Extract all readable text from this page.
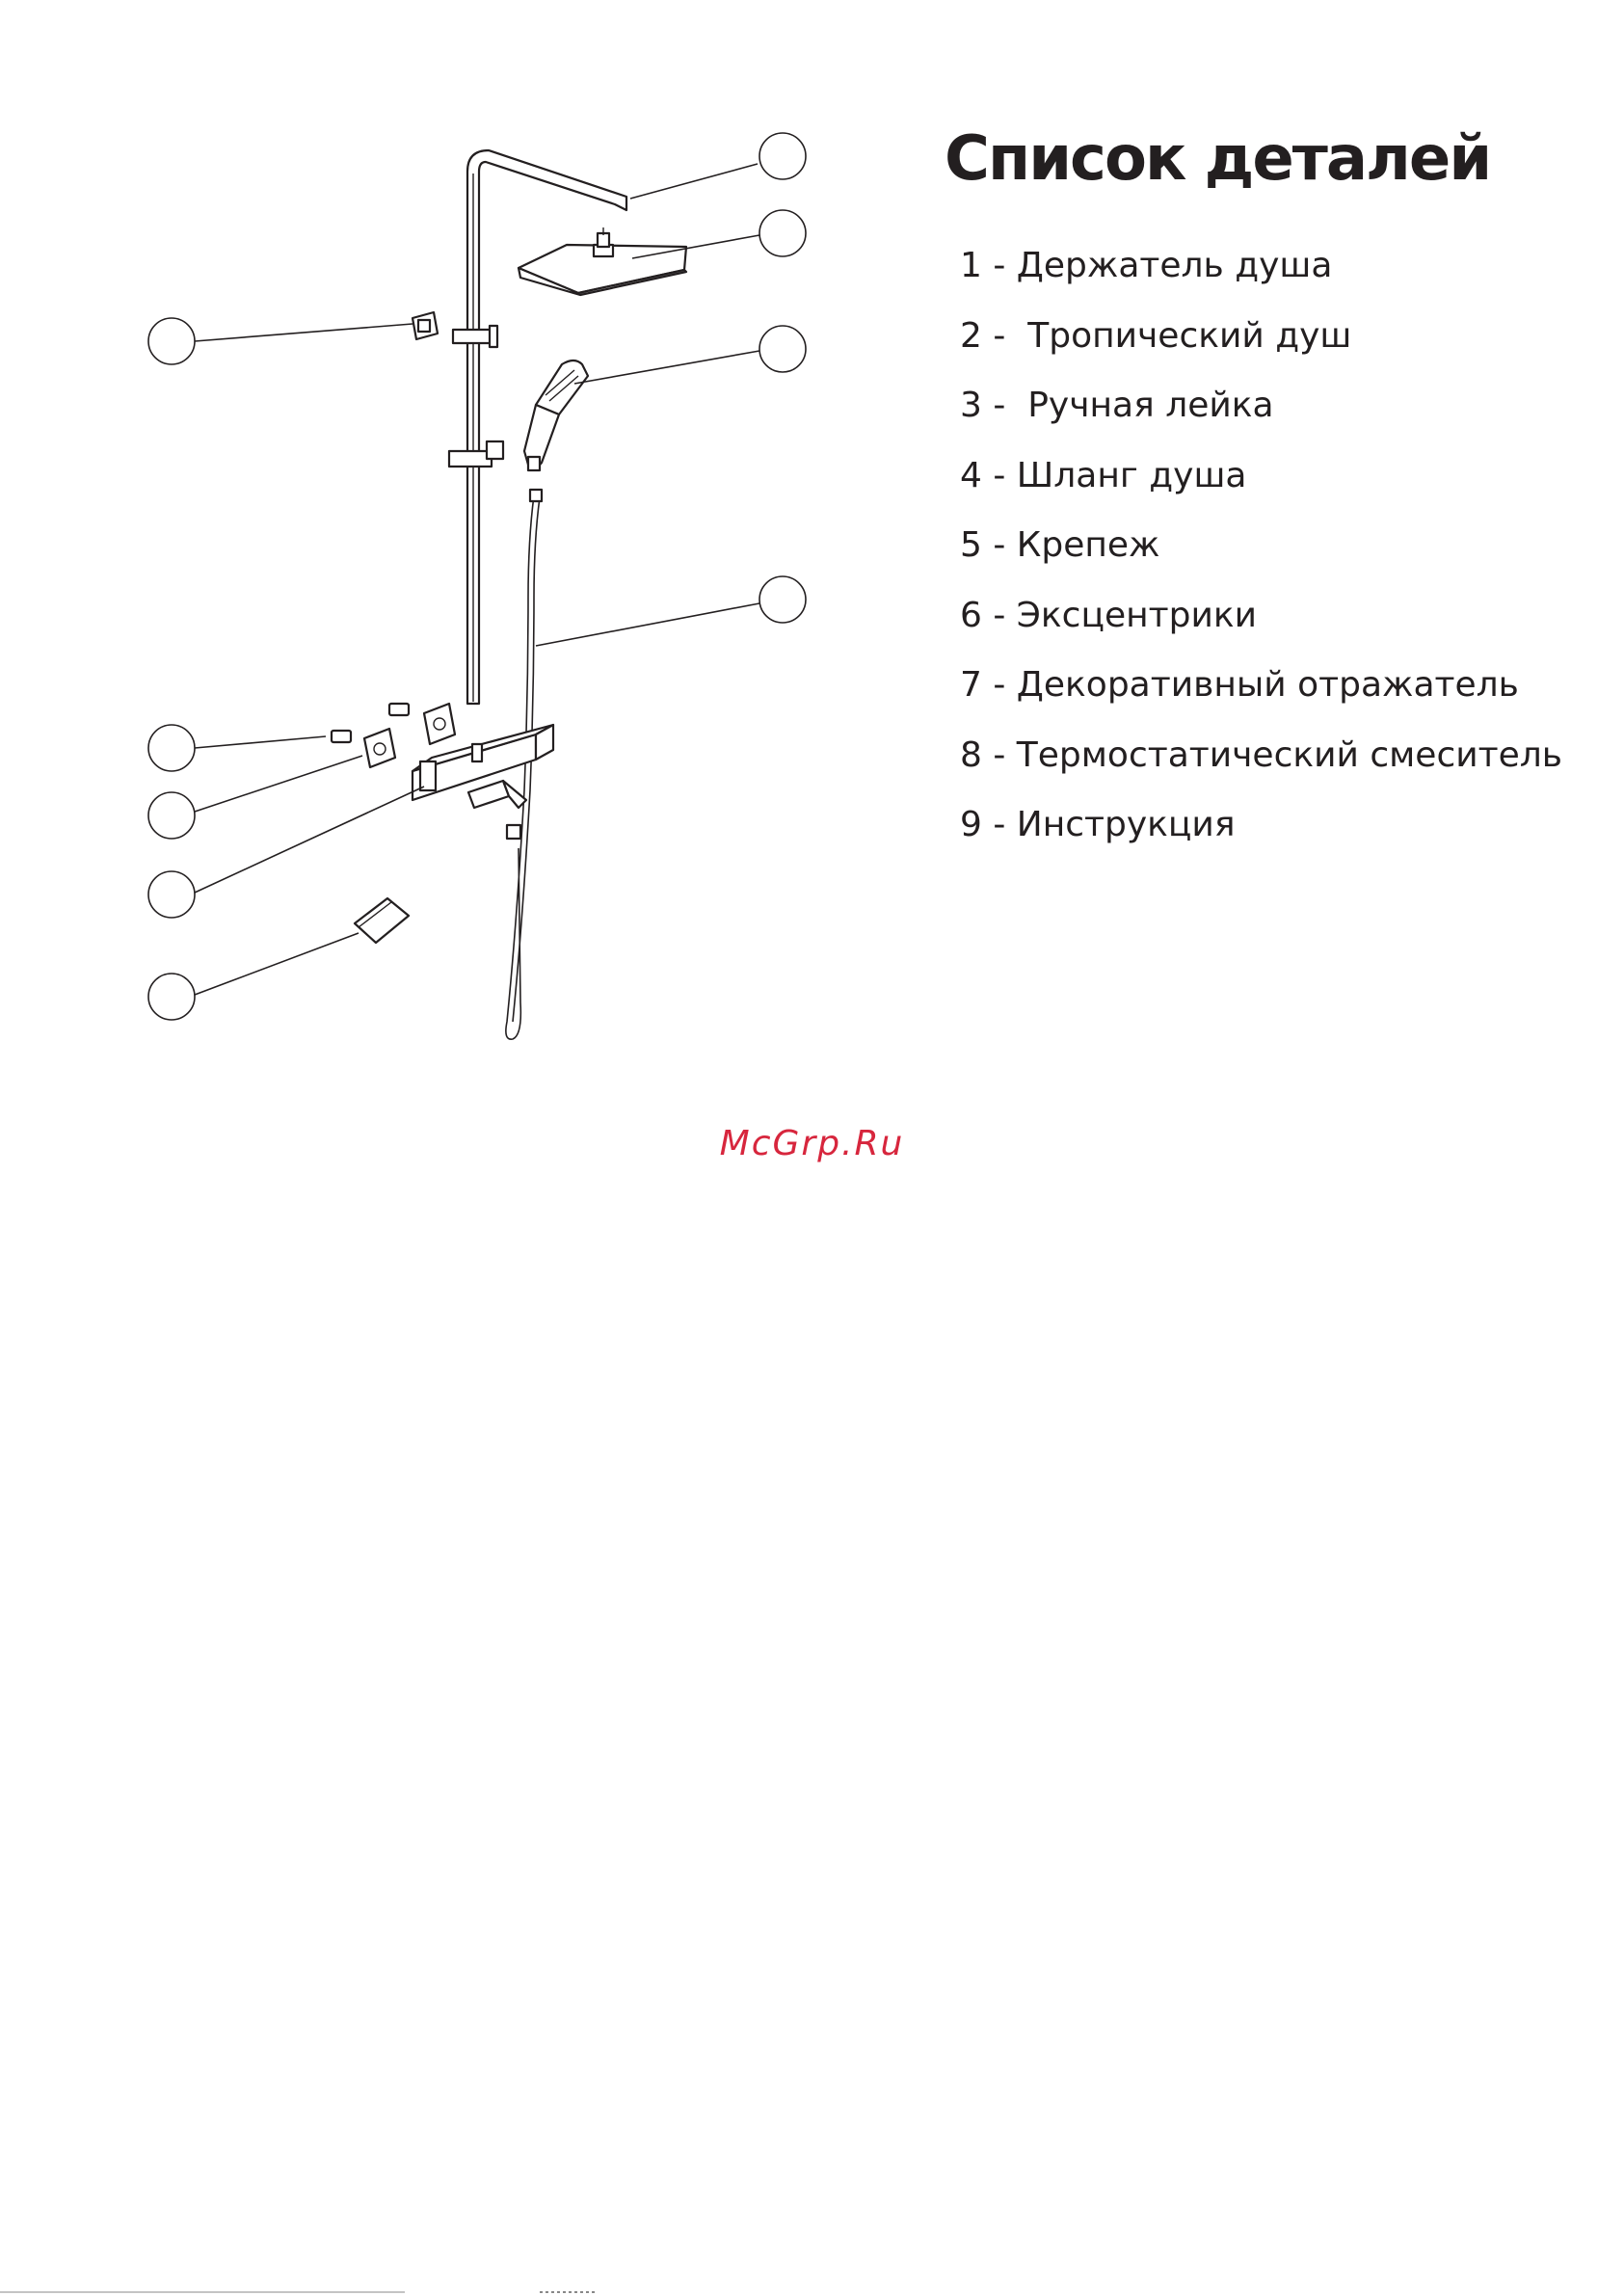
Список деталей
1 - Держатель душа
2 -  Тропический душ
3 -  Ручная лейка
4 - Шланг душа
5 - Крепеж
6 - Эксцентрики
7 - Декоративный отражатель
8 - Термостатический смеситель
9 - Инструкция
McGrp.Ru
